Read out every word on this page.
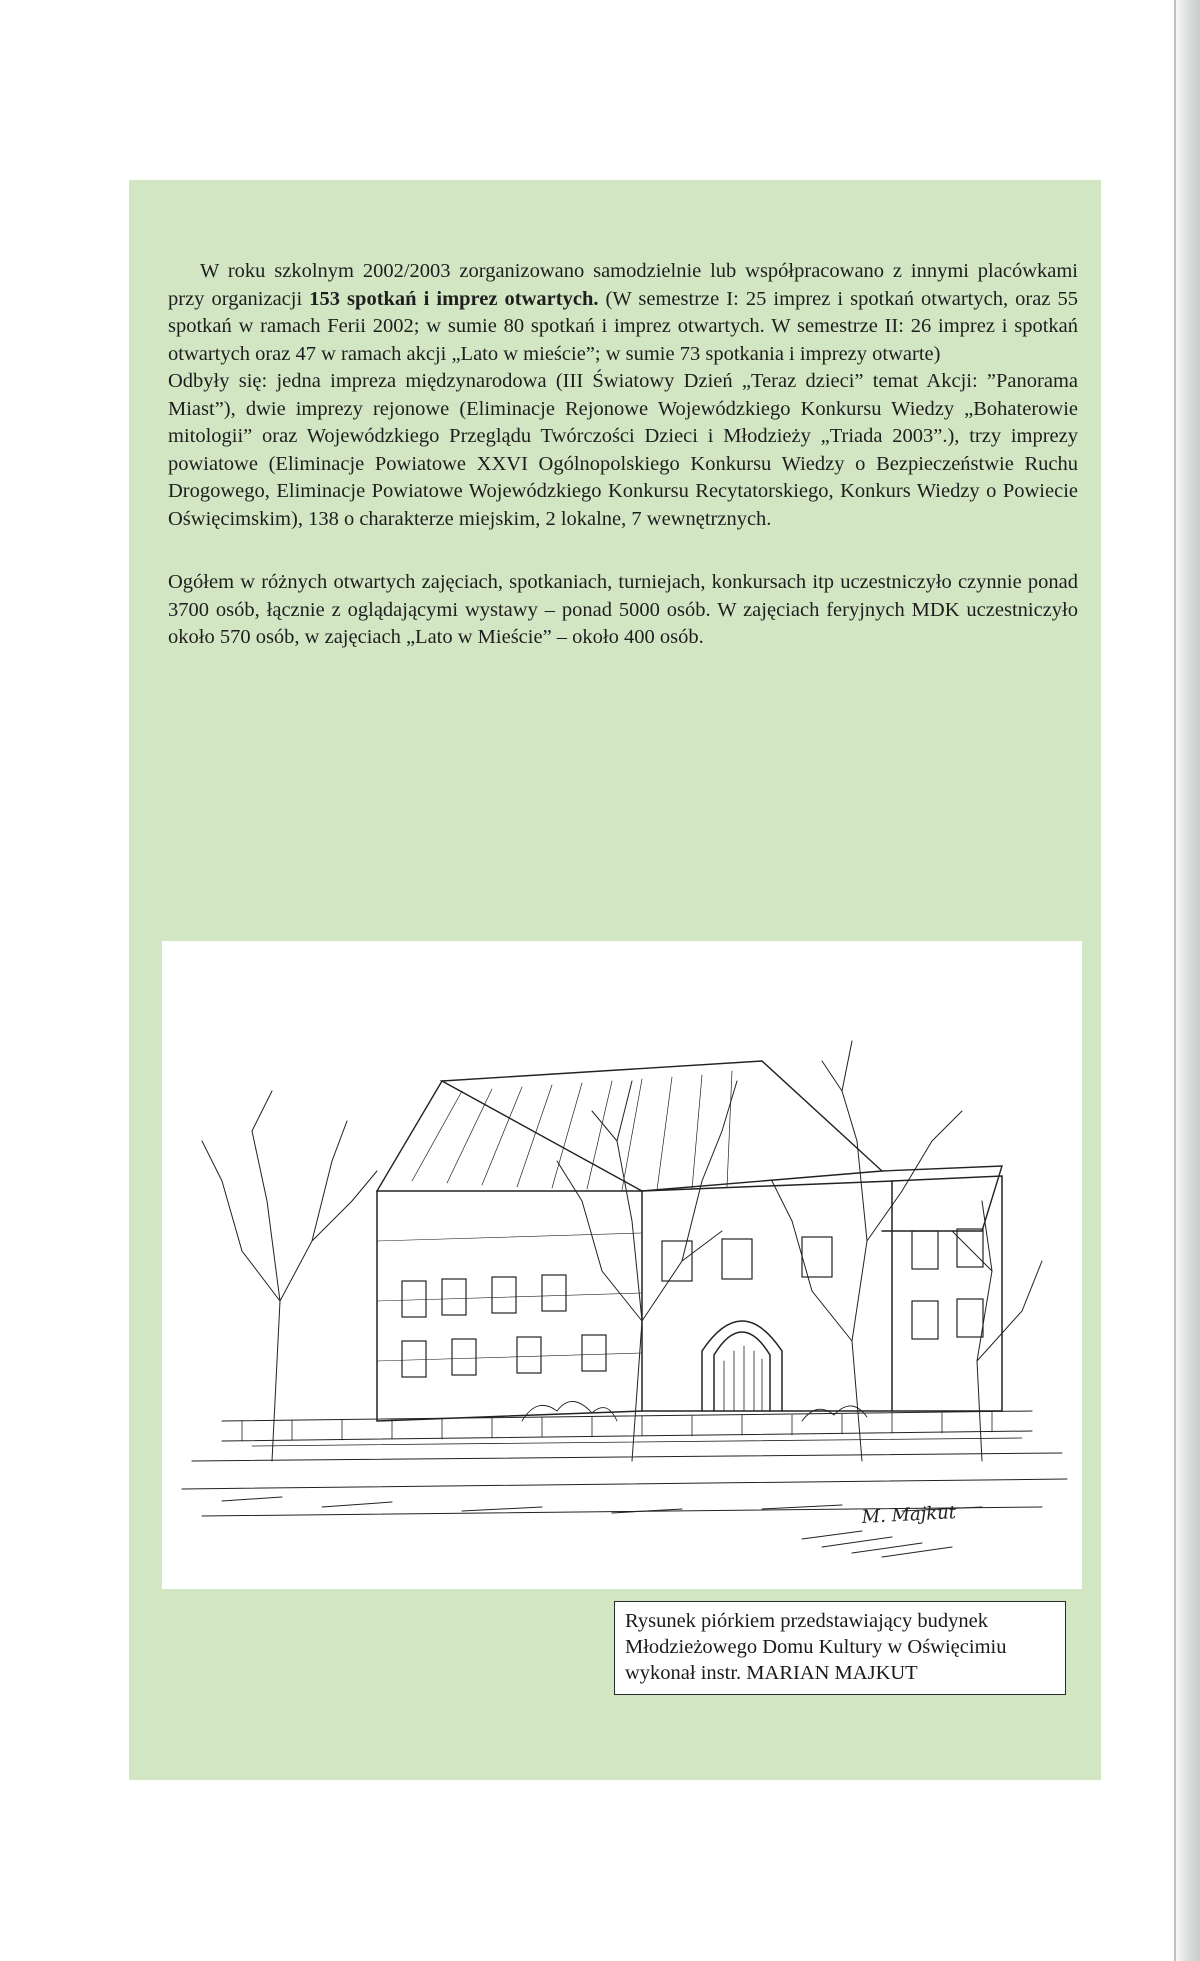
W roku szkolnym 2002/2003 zorganizowano samodzielnie lub współpracowano z innymi placówkami przy organizacji 153 spotkań i imprez otwartych. (W semestrze I: 25 imprez i spotkań otwartych, oraz 55 spotkań w ramach Ferii 2002; w sumie 80 spotkań i imprez otwartych. W semestrze II: 26 imprez i spotkań otwartych oraz 47 w ramach akcji „Lato w mieście”; w sumie 73 spotkania i imprezy otwarte)

Odbyły się: jedna impreza międzynarodowa (III Światowy Dzień „Teraz dzieci” temat Akcji: ”Panorama Miast”), dwie imprezy rejonowe (Eliminacje Rejonowe Wojewódzkiego Konkursu Wiedzy „Bohaterowie mitologii” oraz Wojewódzkiego Przeglądu Twórczości Dzieci i Młodzieży „Triada 2003”.), trzy imprezy powiatowe (Eliminacje Powiatowe XXVI Ogólnopolskiego Konkursu Wiedzy o Bezpieczeństwie Ruchu Drogowego, Eliminacje Powiatowe Wojewódzkiego Konkursu Recytatorskiego, Konkurs Wiedzy o Powiecie Oświęcimskim), 138 o charakterze miejskim, 2 lokalne, 7 wewnętrznych.

Ogółem w różnych otwartych zajęciach, spotkaniach, turniejach, konkursach itp uczestniczyło czynnie ponad 3700 osób, łącznie z oglądającymi wystawy – ponad 5000 osób. W zajęciach feryjnych MDK uczestniczyło około 570 osób, w zajęciach „Lato w Mieście” – około 400 osób.

M. Majkut
Rysunek piórkiem przedstawiający budynek
Młodzieżowego Domu Kultury w Oświęcimiu
wykonał instr. MARIAN MAJKUT
